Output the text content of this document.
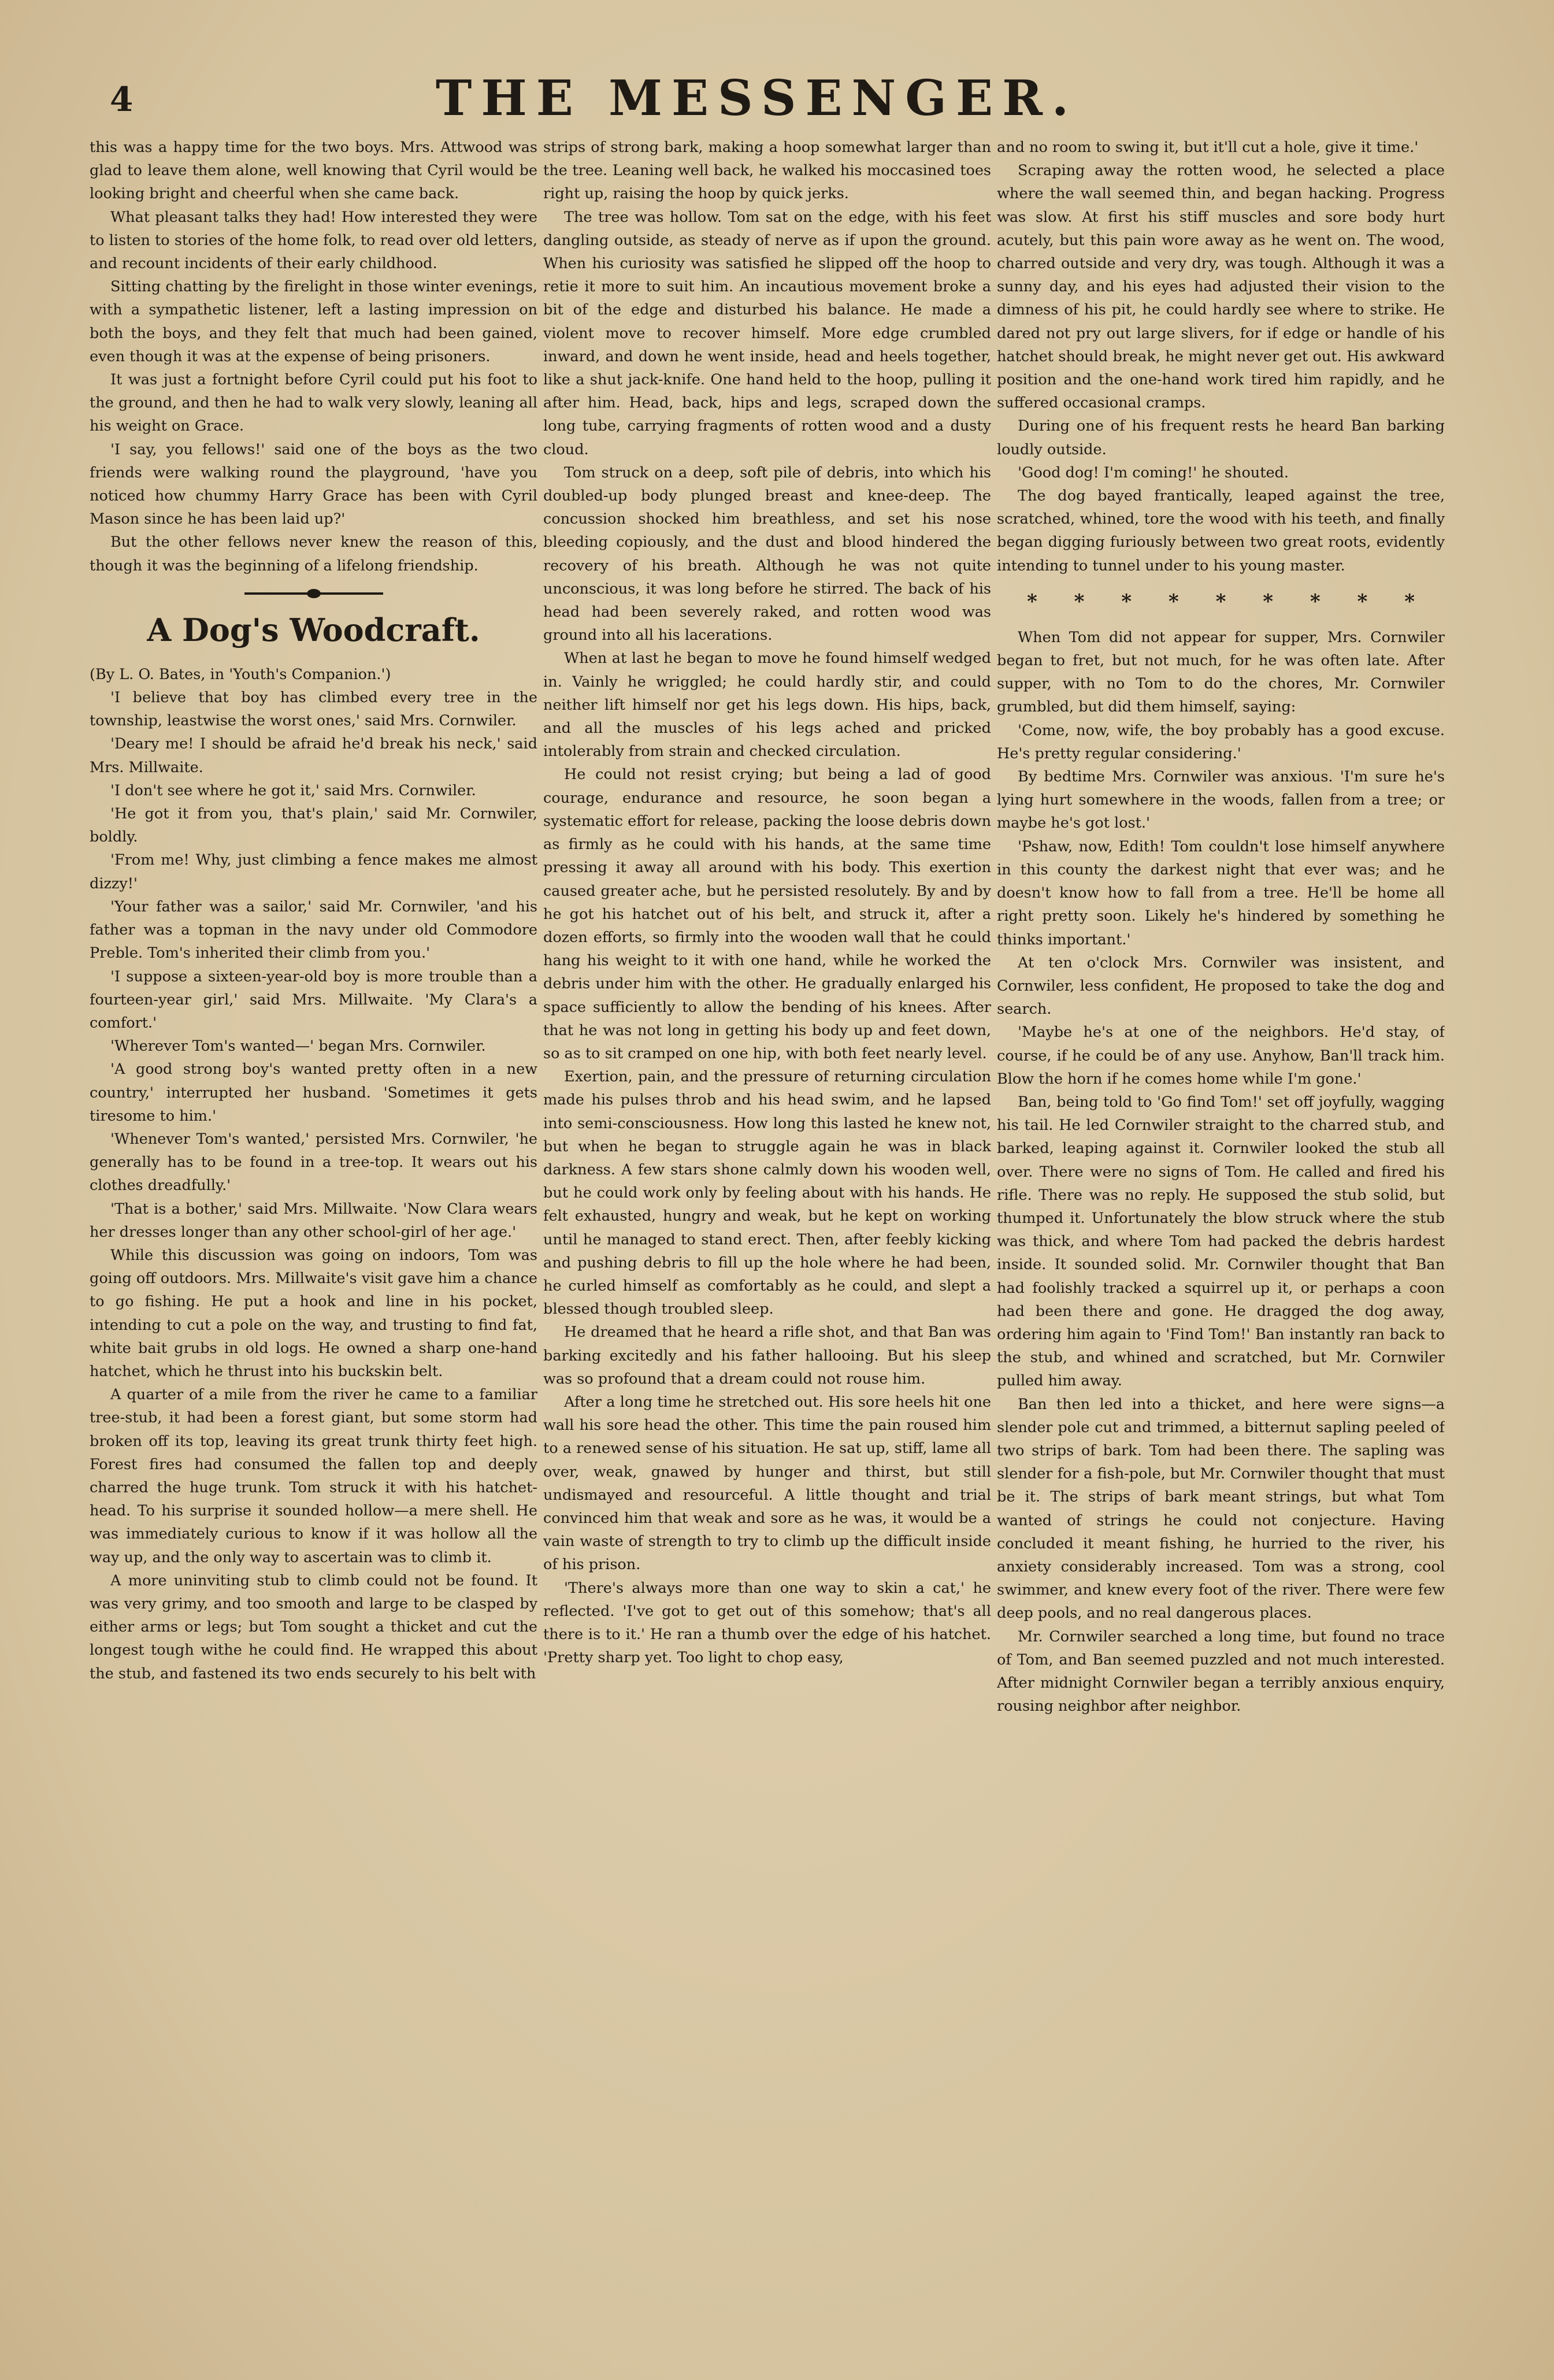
4	THE MESSENGER.

this was a happy time for the two boys. Mrs. Attwood was glad to leave them alone, well knowing that Cyril would be looking bright and cheerful when she came back.

What pleasant talks they had! How interested they were to listen to stories of the home folk, to read over old letters, and recount incidents of their early childhood.

Sitting chatting by the firelight in those winter evenings, with a sympathetic listener, left a lasting impression on both the boys, and they felt that much had been gained, even though it was at the expense of being prisoners.

It was just a fortnight before Cyril could put his foot to the ground, and then he had to walk very slowly, leaning all his weight on Grace.

'I say, you fellows!' said one of the boys as the two friends were walking round the playground, 'have you noticed how chummy Harry Grace has been with Cyril Mason since he has been laid up?'

But the other fellows never knew the reason of this, though it was the beginning of a lifelong friendship.

A Dog's Woodcraft.

(By L. O. Bates, in 'Youth's Companion.')

'I believe that boy has climbed every tree in the township, leastwise the worst ones,' said Mrs. Cornwiler.

'Deary me! I should be afraid he'd break his neck,' said Mrs. Millwaite.

'I don't see where he got it,' said Mrs. Cornwiler.

'He got it from you, that's plain,' said Mr. Cornwiler, boldly.

'From me! Why, just climbing a fence makes me almost dizzy!'

'Your father was a sailor,' said Mr. Cornwiler, 'and his father was a topman in the navy under old Commodore Preble. Tom's inherited their climb from you.'

'I suppose a sixteen-year-old boy is more trouble than a fourteen-year girl,' said Mrs. Millwaite. 'My Clara's a comfort.'

'Wherever Tom's wanted—' began Mrs. Cornwiler.

'A good strong boy's wanted pretty often in a new country,' interrupted her husband. 'Sometimes it gets tiresome to him.'

'Whenever Tom's wanted,' persisted Mrs. Cornwiler, 'he generally has to be found in a tree-top. It wears out his clothes dreadfully.'

'That is a bother,' said Mrs. Millwaite. 'Now Clara wears her dresses longer than any other school-girl of her age.'

While this discussion was going on indoors, Tom was going off outdoors. Mrs. Millwaite's visit gave him a chance to go fishing. He put a hook and line in his pocket, intending to cut a pole on the way, and trusting to find fat, white bait grubs in old logs. He owned a sharp one-hand hatchet, which he thrust into his buckskin belt.

A quarter of a mile from the river he came to a familiar tree-stub, it had been a forest giant, but some storm had broken off its top, leaving its great trunk thirty feet high. Forest fires had consumed the fallen top and deeply charred the huge trunk. Tom struck it with his hatchet-head. To his surprise it sounded hollow—a mere shell. He was immediately curious to know if it was hollow all the way up, and the only way to ascertain was to climb it.

A more uninviting stub to climb could not be found. It was very grimy, and too smooth and large to be clasped by either arms or legs; but Tom sought a thicket and cut the longest tough withe he could find. He wrapped this about the stub, and fastened its two ends securely to his belt with

strips of strong bark, making a hoop somewhat larger than the tree. Leaning well back, he walked his moccasined toes right up, raising the hoop by quick jerks.

The tree was hollow. Tom sat on the edge, with his feet dangling outside, as steady of nerve as if upon the ground. When his curiosity was satisfied he slipped off the hoop to retie it more to suit him. An incautious movement broke a bit of the edge and disturbed his balance. He made a violent move to recover himself. More edge crumbled inward, and down he went inside, head and heels together, like a shut jack-knife. One hand held to the hoop, pulling it after him. Head, back, hips and legs, scraped down the long tube, carrying fragments of rotten wood and a dusty cloud.

Tom struck on a deep, soft pile of debris, into which his doubled-up body plunged breast and knee-deep. The concussion shocked him breathless, and set his nose bleeding copiously, and the dust and blood hindered the recovery of his breath. Although he was not quite unconscious, it was long before he stirred. The back of his head had been severely raked, and rotten wood was ground into all his lacerations.

When at last he began to move he found himself wedged in. Vainly he wriggled; he could hardly stir, and could neither lift himself nor get his legs down. His hips, back, and all the muscles of his legs ached and pricked intolerably from strain and checked circulation.

He could not resist crying; but being a lad of good courage, endurance and resource, he soon began a systematic effort for release, packing the loose debris down as firmly as he could with his hands, at the same time pressing it away all around with his body. This exertion caused greater ache, but he persisted resolutely. By and by he got his hatchet out of his belt, and struck it, after a dozen efforts, so firmly into the wooden wall that he could hang his weight to it with one hand, while he worked the debris under him with the other. He gradually enlarged his space sufficiently to allow the bending of his knees. After that he was not long in getting his body up and feet down, so as to sit cramped on one hip, with both feet nearly level.

Exertion, pain, and the pressure of returning circulation made his pulses throb and his head swim, and he lapsed into semi-consciousness. How long this lasted he knew not, but when he began to struggle again he was in black darkness. A few stars shone calmly down his wooden well, but he could work only by feeling about with his hands. He felt exhausted, hungry and weak, but he kept on working until he managed to stand erect. Then, after feebly kicking and pushing debris to fill up the hole where he had been, he curled himself as comfortably as he could, and slept a blessed though troubled sleep.

He dreamed that he heard a rifle shot, and that Ban was barking excitedly and his father hallooing. But his sleep was so profound that a dream could not rouse him.

After a long time he stretched out. His sore heels hit one wall his sore head the other. This time the pain roused him to a renewed sense of his situation. He sat up, stiff, lame all over, weak, gnawed by hunger and thirst, but still undismayed and resourceful. A little thought and trial convinced him that weak and sore as he was, it would be a vain waste of strength to try to climb up the difficult inside of his prison.

'There's always more than one way to skin a cat,' he reflected. 'I've got to get out of this somehow; that's all there is to it.' He ran a thumb over the edge of his hatchet. 'Pretty sharp yet. Too light to chop easy,

and no room to swing it, but it'll cut a hole, give it time.'

Scraping away the rotten wood, he selected a place where the wall seemed thin, and began hacking. Progress was slow. At first his stiff muscles and sore body hurt acutely, but this pain wore away as he went on. The wood, charred outside and very dry, was tough. Although it was a sunny day, and his eyes had adjusted their vision to the dimness of his pit, he could hardly see where to strike. He dared not pry out large slivers, for if edge or handle of his hatchet should break, he might never get out. His awkward position and the one-hand work tired him rapidly, and he suffered occasional cramps.

During one of his frequent rests he heard Ban barking loudly outside.

'Good dog! I'm coming!' he shouted.

The dog bayed frantically, leaped against the tree, scratched, whined, tore the wood with his teeth, and finally began digging furiously between two great roots, evidently intending to tunnel under to his young master.

* * * * * * * * *

When Tom did not appear for supper, Mrs. Cornwiler began to fret, but not much, for he was often late. After supper, with no Tom to do the chores, Mr. Cornwiler grumbled, but did them himself, saying:

'Come, now, wife, the boy probably has a good excuse. He's pretty regular considering.'

By bedtime Mrs. Cornwiler was anxious. 'I'm sure he's lying hurt somewhere in the woods, fallen from a tree; or maybe he's got lost.'

'Pshaw, now, Edith! Tom couldn't lose himself anywhere in this county the darkest night that ever was; and he doesn't know how to fall from a tree. He'll be home all right pretty soon. Likely he's hindered by something he thinks important.'

At ten o'clock Mrs. Cornwiler was insistent, and Cornwiler, less confident, He proposed to take the dog and search.

'Maybe he's at one of the neighbors. He'd stay, of course, if he could be of any use. Anyhow, Ban'll track him. Blow the horn if he comes home while I'm gone.'

Ban, being told to 'Go find Tom!' set off joyfully, wagging his tail. He led Cornwiler straight to the charred stub, and barked, leaping against it. Cornwiler looked the stub all over. There were no signs of Tom. He called and fired his rifle. There was no reply. He supposed the stub solid, but thumped it. Unfortunately the blow struck where the stub was thick, and where Tom had packed the debris hardest inside. It sounded solid. Mr. Cornwiler thought that Ban had foolishly tracked a squirrel up it, or perhaps a coon had been there and gone. He dragged the dog away, ordering him again to 'Find Tom!' Ban instantly ran back to the stub, and whined and scratched, but Mr. Cornwiler pulled him away.

Ban then led into a thicket, and here were signs—a slender pole cut and trimmed, a bitternut sapling peeled of two strips of bark. Tom had been there. The sapling was slender for a fish-pole, but Mr. Cornwiler thought that must be it. The strips of bark meant strings, but what Tom wanted of strings he could not conjecture. Having concluded it meant fishing, he hurried to the river, his anxiety considerably increased. Tom was a strong, cool swimmer, and knew every foot of the river. There were few deep pools, and no real dangerous places.

Mr. Cornwiler searched a long time, but found no trace of Tom, and Ban seemed puzzled and not much interested. After midnight Cornwiler began a terribly anxious enquiry, rousing neighbor after neighbor.
